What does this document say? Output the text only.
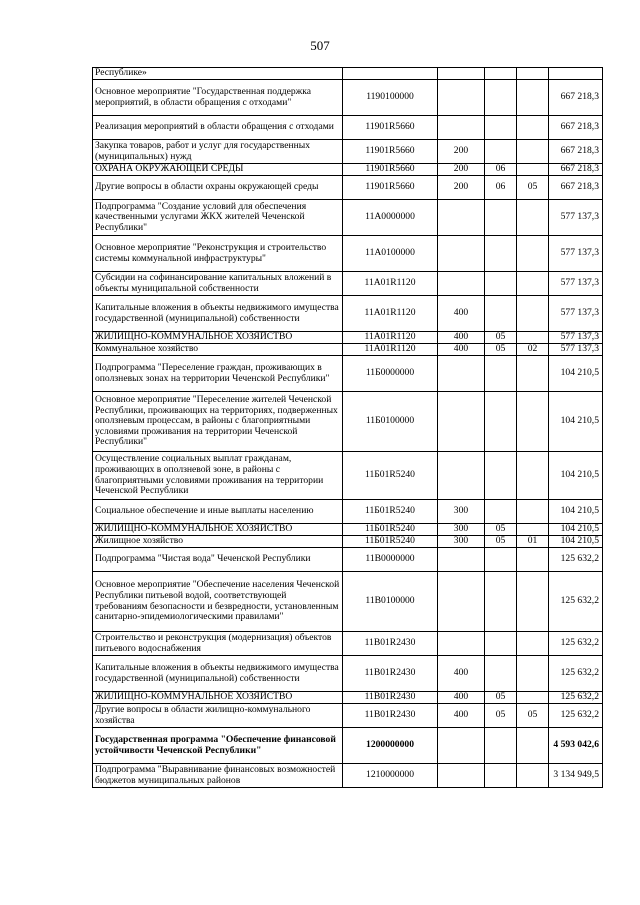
507
Республике»					
Основное мероприятие "Государственная поддержка мероприятий, в области обращения с отходами"	1190100000				667 218,3
Реализация мероприятий в области обращения с отходами	11901R5660				667 218,3
Закупка товаров, работ и услуг для государственных (муниципальных) нужд	11901R5660	200			667 218,3
ОХРАНА ОКРУЖАЮЩЕЙ СРЕДЫ	11901R5660	200	06		667 218,3
Другие вопросы в области охраны окружающей среды	11901R5660	200	06	05	667 218,3
Подпрограмма "Создание условий для обеспечения качественными услугами ЖКХ жителей Чеченской Республики"	11А0000000				577 137,3
Основное мероприятие "Реконструкция и строительство системы коммунальной инфраструктуры"	11А0100000				577 137,3
Субсидии на софинансирование капитальных вложений в объекты муниципальной собственности	11А01R1120				577 137,3
Капитальные вложения в объекты недвижимого имущества государственной (муниципальной) собственности	11А01R1120	400			577 137,3
ЖИЛИЩНО-КОММУНАЛЬНОЕ ХОЗЯЙСТВО	11А01R1120	400	05		577 137,3
Коммунальное хозяйство	11А01R1120	400	05	02	577 137,3
Подпрограмма "Переселение граждан, проживающих в оползневых зонах на территории Чеченской Республики"	11Б0000000				104 210,5
Основное мероприятие "Переселение жителей Чеченской Республики, проживающих на территориях, подверженных оползневым процессам, в районы с благоприятными условиями проживания на территории Чеченской Республики"	11Б0100000				104 210,5
Осуществление социальных выплат гражданам, проживающих в оползневой зоне, в районы с благоприятными условиями проживания на территории Чеченской Республики	11Б01R5240				104 210,5
Социальное обеспечение и иные выплаты населению	11Б01R5240	300			104 210,5
ЖИЛИЩНО-КОММУНАЛЬНОЕ ХОЗЯЙСТВО	11Б01R5240	300	05		104 210,5
Жилищное хозяйство	11Б01R5240	300	05	01	104 210,5
Подпрограмма "Чистая вода" Чеченской Республики	11В0000000				125 632,2
Основное мероприятие "Обеспечение населения Чеченской Республики питьевой водой, соответствующей требованиям безопасности и безвредности, установленным санитарно-эпидемиологическими правилами"	11В0100000				125 632,2
Строительство и реконструкция (модернизация) объектов питьевого водоснабжения	11В01R2430				125 632,2
Капитальные вложения в объекты недвижимого имущества государственной (муниципальной) собственности	11В01R2430	400			125 632,2
ЖИЛИЩНО-КОММУНАЛЬНОЕ ХОЗЯЙСТВО	11В01R2430	400	05		125 632,2
Другие вопросы в области жилищно-коммунального хозяйства	11В01R2430	400	05	05	125 632,2
Государственная программа "Обеспечение финансовой устойчивости Чеченской Республики"	1200000000				4 593 042,6
Подпрограмма "Выравнивание финансовых возможностей бюджетов муниципальных районов	1210000000				3 134 949,5
